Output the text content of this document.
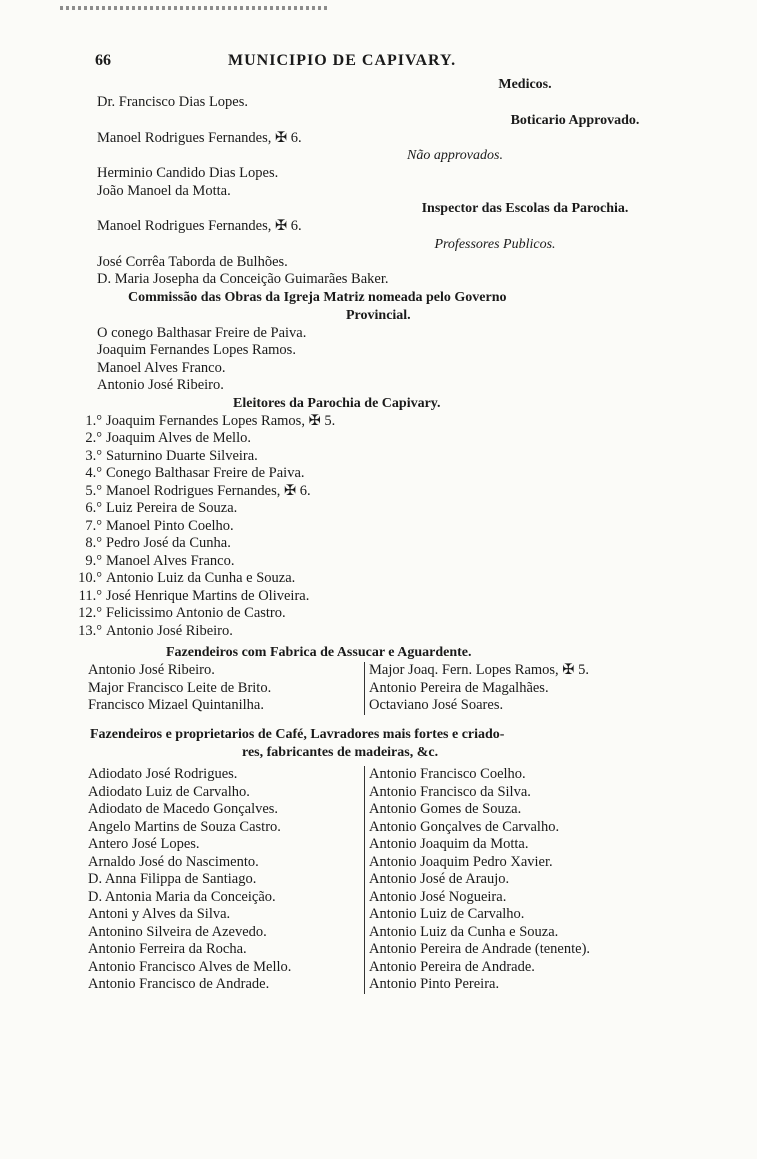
66	MUNICIPIO DE CAPIVARY.
Medicos.
Dr. Francisco Dias Lopes.
Boticario Approvado.
Manoel Rodrigues Fernandes, ✠ 6.
Não approvados.
Herminio Candido Dias Lopes.
João Manoel da Motta.
Inspector das Escolas da Parochia.
Manoel Rodrigues Fernandes, ✠ 6.
Professores Publicos.
José Corrêa Taborda de Bulhões.
D. Maria Josepha da Conceição Guimarães Baker.
Commissão das Obras da Igreja Matriz nomeada pelo Governo
Provincial.
O conego Balthasar Freire de Paiva.
Joaquim Fernandes Lopes Ramos.
Manoel Alves Franco.
Antonio José Ribeiro.
Eleitores da Parochia de Capivary.
1.° Joaquim Fernandes Lopes Ramos, ✠ 5.
2.° Joaquim Alves de Mello.
3.° Saturnino Duarte Silveira.
4.° Conego Balthasar Freire de Paiva.
5.° Manoel Rodrigues Fernandes, ✠ 6.
6.° Luiz Pereira de Souza.
7.° Manoel Pinto Coelho.
8.° Pedro José da Cunha.
9.° Manoel Alves Franco.
10.° Antonio Luiz da Cunha e Souza.
11.° José Henrique Martins de Oliveira.
12.° Felicissimo Antonio de Castro.
13.° Antonio José Ribeiro.
Fazendeiros com Fabrica de Assucar e Aguardente.
Antonio José Ribeiro.
Major Francisco Leite de Brito.
Francisco Mizael Quintanilha.
Major Joaq. Fern. Lopes Ramos, ✠ 5.
Antonio Pereira de Magalhães.
Octaviano José Soares.
Fazendeiros e proprietarios de Café, Lavradores mais fortes e criado-
res, fabricantes de madeiras, &c.
Adiodato José Rodrigues.
Adiodato Luiz de Carvalho.
Adiodato de Macedo Gonçalves.
Angelo Martins de Souza Castro.
Antero José Lopes.
Arnaldo José do Nascimento.
D. Anna Filippa de Santiago.
D. Antonia Maria da Conceição.
Antoni y Alves da Silva.
Antonino Silveira de Azevedo.
Antonio Ferreira da Rocha.
Antonio Francisco Alves de Mello.
Antonio Francisco de Andrade.
Antonio Francisco Coelho.
Antonio Francisco da Silva.
Antonio Gomes de Souza.
Antonio Gonçalves de Carvalho.
Antonio Joaquim da Motta.
Antonio Joaquim Pedro Xavier.
Antonio José de Araujo.
Antonio José Nogueira.
Antonio Luiz de Carvalho.
Antonio Luiz da Cunha e Souza.
Antonio Pereira de Andrade (tenente).
Antonio Pereira de Andrade.
Antonio Pinto Pereira.
